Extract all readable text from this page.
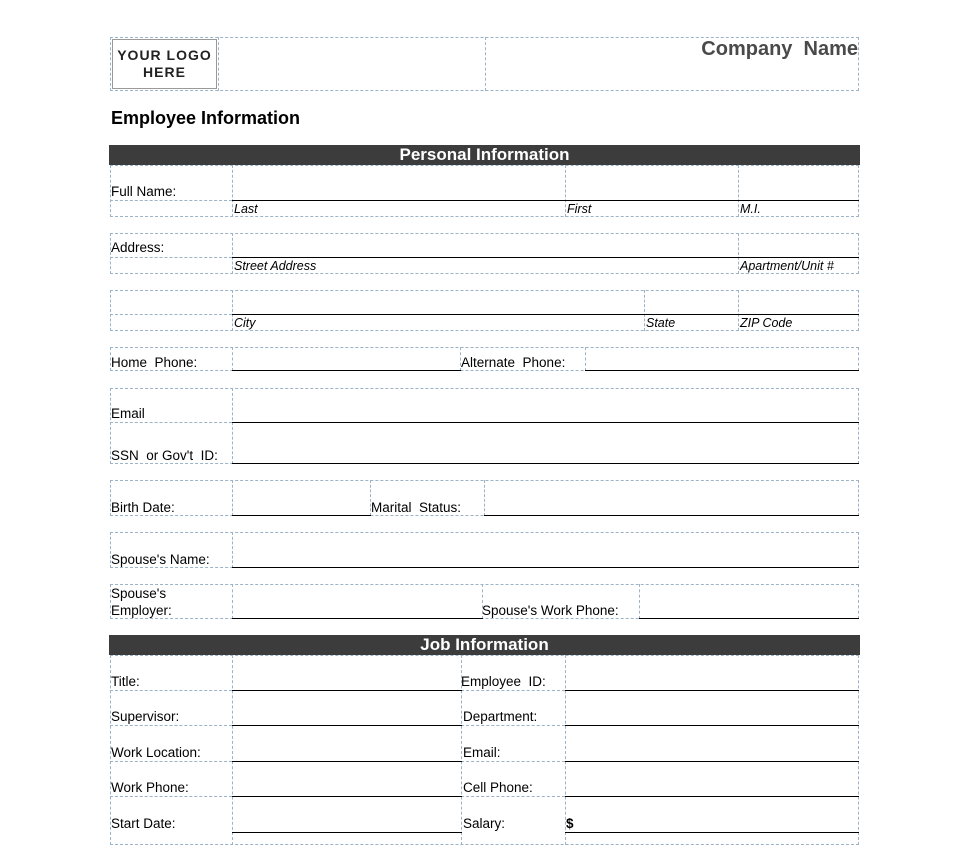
YOUR LOGO
HERE
Company  Name
Employee Information
Personal Information
Full Name:
Last	First	M.I.
Address:
Street Address	Apartment/Unit #
City	State	ZIP Code
Home  Phone:	Alternate  Phone:
Email
SSN  or Gov't  ID:
Birth Date:	Marital  Status:
Spouse's Name:
Spouse's
Employer:	Spouse's Work Phone:
Job Information
Title:	Employee  ID:
Supervisor:	Department:
Work Location:	Email:
Work Phone:	Cell Phone:
Start Date:	Salary:	$
